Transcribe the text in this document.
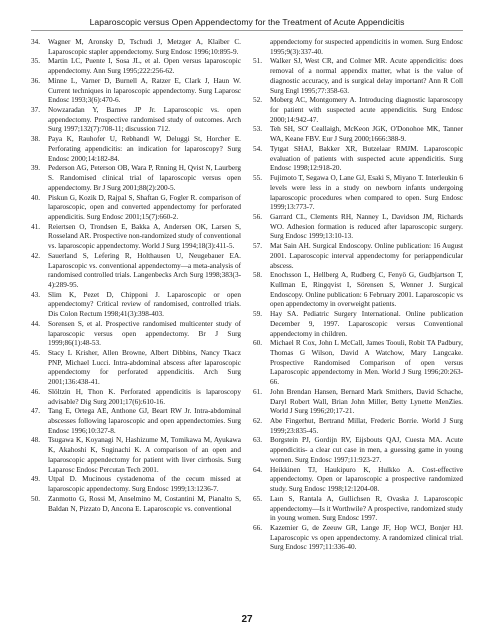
Laparoscopic versus Open Appendectomy for the Treatment of Acute Appendicitis
34.	Wagner M, Aronsky D, Tschudi J, Metzger A, Klaiber C. Laparoscopic stapler appendectomy. Surg Endosc 1996;10:895-9.
35.	Martin LC, Puente I, Sosa JL, et al. Open versus laparoscopic appendectomy. Ann Surg 1995;222:256-62.
36.	Minne L, Varner D, Burnell A, Ratzer E, Clark J, Haun W. Current techniques in laparoscopic appendectomy. Surg Laparosc Endosc 1993;3(6):470-6.
37.	Nowzaradan Y, Barnes JP Jr. Laparoscopic vs. open appendectomy. Prospective randomised study of outcomes. Arch Surg 1997;132(7):708-11; discussion 712.
38.	Paya K, Rauhofer U, Rebhandl W, Deluggi St, Horcher E. Perforating appendicitis: an indication for laparoscopy? Surg Endosc 2000;14:182-84.
39.	Pederson AG, Peterson OB, Wara P, Rnning H, Qvist N, Laurberg S. Randomised clinical trial of laparoscopic versus open appendectomy. Br J Surg 2001;88(2):200-5.
40.	Piskun G, Kozik D, Rajpal S, Shaftan G, Fogler R. comparison of laparoscopic, open and converted appendectomy for perforated appendicitis. Surg Endosc 2001;15(7):660-2.
41.	Reiertsen O, Trondsen E, Bakka A, Andersen OK, Larsen S, Rosseland AR. Prospective non-randomized study of conventional vs. laparoscopic appendectomy. World J Surg 1994;18(3):411-5.
42.	Sauerland S, Lefering R, Holthausen U, Neugebauer EA. Laparoscopic vs. conventional appendectomy—a meta-analysis of randomised controlled trials. Langenbecks Arch Surg 1998;383(3-4):289-95.
43.	Slim K, Pezet D, Chipponi J. Laparoscopic or open appendectomy? Critical review of randomised, controlled trials. Dis Colon Rectum 1998;41(3):398-403.
44.	Sorensen S, et al. Prospective randomised multicenter study of laparoscopic versus open appendectomy. Br J Surg 1999;86(1):48-53.
45.	Stacy L Krisher, Allen Browne, Albert Dibbins, Nancy Tkacz PNP, Michael Lucci. Intra-abdominal abscess after laparoscopic appendectomy for perforated appendicitis. Arch Surg 2001;136:438-41.
46.	Slöltzin H, Thon K. Perforated appendicitis is laparoscopy advisable? Dig Surg 2001;17(6):610-16.
47.	Tang E, Ortega AE, Anthone GJ, Beart RW Jr. Intra-abdominal abscesses following laparoscopic and open appendectomies. Surg Endosc 1996;10:327-8.
48.	Tsugawa K, Koyanagi N, Hashizume M, Tomikawa M, Ayukawa K, Akahoshi K, Suginachi K. A comparison of an open and laparoscopic appendectomy for patient with liver cirrhosis. Surg Laparosc Endosc Percutan Tech 2001.
49.	Utpal D. Mucinous cystadenoma of the cecum missed at laparoscopic appendectomy. Surg Endosc 1999;13:1236-7.
50.	Zanmotto G, Rossi M, Anselmino M, Costantini M, Pianalto S, Baldan N, Pizzato D, Ancona E. Laparoscopic vs. conventional
appendectomy for suspected appendicitis in women. Surg Endosc 1995;9(3):337-40.
51.	Walker SJ, West CR, and Colmer MR. Acute appendicitis: does removal of a normal appendix matter, what is the value of diagnostic accuracy, and is surgical delay important? Ann R Coll Surg Engl 1995;77:358-63.
52.	Moberg AC, Montgomery A. Introducing diagnostic laparoscopy for patient with suspected acute appendicitis. Surg Endosc 2000;14:942-47.
53.	Teh SH, SO' Ceallaigh, McKeon JGK, O'Donohoe MK, Tanner WA, Keane FBV. Eur J Surg 2000;1666:388-9.
54.	Tytgat SHAJ, Bakker XR, Butzelaar RMJM. Laparoscopic evaluation of patients with suspected acute appendicitis. Surg Endosc 1998;12:918-20.
55.	Fujimoto T, Segawa O, Lane GJ, Esaki S, Miyano T. Interleukin 6 levels were less in a study on newborn infants undergoing laparoscopic procedures when compared to open. Surg Endosc 1999;13:773-7.
56.	Garrard CL, Clements RH, Nanney L, Davidson JM, Richards WO. Adhesion formation is reduced after laparoscopic surgery. Surg Endosc 1999;13:10-13.
57.	Mat Sain AH. Surgical Endoscopy. Online publication: 16 August 2001. Laparoscopic interval appendectomy for periappendicular abscess.
58.	Enochsson L, Hellberg A, Rudberg C, Fenyö G, Gudbjartson T, Kullman E, Ringqvist I, Sörensen S, Wenner J. Surgical Endoscopy. Online publication: 6 February 2001. Laparoscopic vs open appendectomy in overweight patients.
59.	Hay SA. Pediatric Surgery International. Online publication December 9, 1997. Laparoscopic versus Conventional appendectomy in children.
60.	Michael R Cox, John L McCall, James Toouli, Robit TA Padbury, Thomas G Wilson, David A Watchow, Mary Langcake. Prospective Randomised Comparison of open versus Laparoscopic appendectomy in Men. World J Surg 1996;20:263-66.
61.	John Brendan Hansen, Bernard Mark Smithers, David Schache, Daryl Robert Wall, Brian John Miller, Betty Lynette MenZies. World J Surg 1996;20;17-21.
62.	Abe Fingerhut, Bertrand Millat, Frederic Borrie. World J Surg 1999;23:835-45.
63.	Borgstein PJ, Gordijn RV, Eijsbouts QAJ, Cuesta MA. Acute appendicitis- a clear cut case in men, a guessing game in young women. Surg Endosc 1997;11:923-27.
64.	Heikkinen TJ, Haukipuro K, Hulkko A. Cost-effective appendectomy. Open or laparoscopic a prospective randomized study. Surg Endosc 1998;12:1204-08.
65.	Laın S, Rantala A, Gullichsen R, Ovaska J. Laparoscopic appendectomy—Is it Worthwile? A prospective, randomized study in young women. Surg Endosc 1997.
66.	Kazemier G, de Zeeuw GR, Lange JF, Hop WCJ, Bonjer HJ. Laparoscopic vs open appendectomy. A randomized clinical trial. Surg Endosc 1997;11:336-40.
27
